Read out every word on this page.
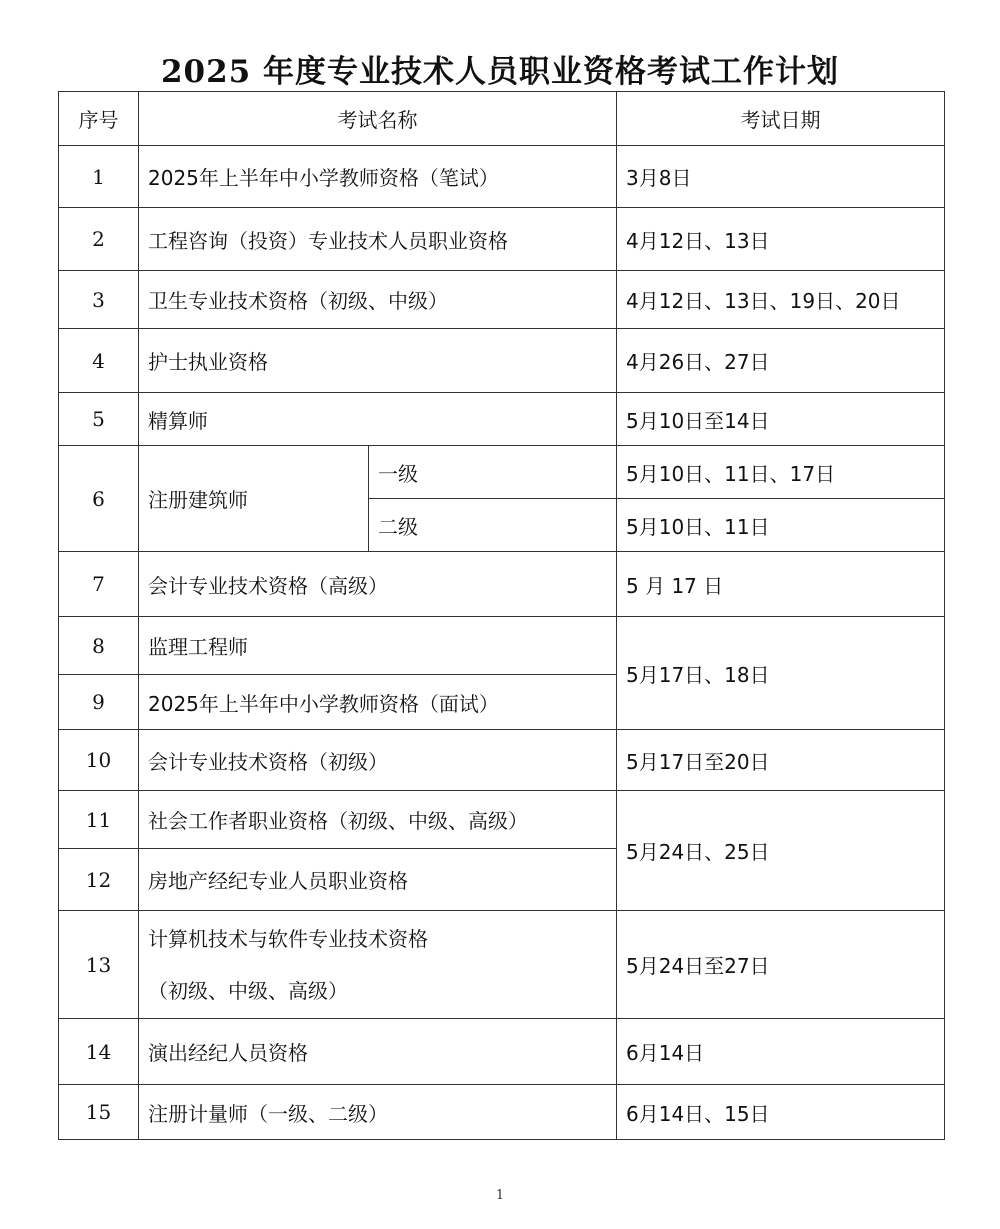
2025 年度专业技术人员职业资格考试工作计划
序号	考试名称		考试日期
1	2025年上半年中小学教师资格（笔试）		3月8日
2	工程咨询（投资）专业技术人员职业资格		4月12日、13日
3	卫生专业技术资格（初级、中级）		4月12日、13日、19日、20日
4	护士执业资格		4月26日、27日
5	精算师		5月10日至14日
6	注册建筑师	一级	5月10日、11日、17日
		二级	5月10日、11日
7	会计专业技术资格（高级）		5 月 17 日
8	监理工程师		5月17日、18日
9	2025年上半年中小学教师资格（面试）		
10	会计专业技术资格（初级）		5月17日至20日
11	社会工作者职业资格（初级、中级、高级）		5月24日、25日
12	房地产经纪专业人员职业资格		
13	计算机技术与软件专业技术资格
（初级、中级、高级）		5月24日至27日
14	演出经纪人员资格		6月14日
15	注册计量师（一级、二级）		6月14日、15日
1
